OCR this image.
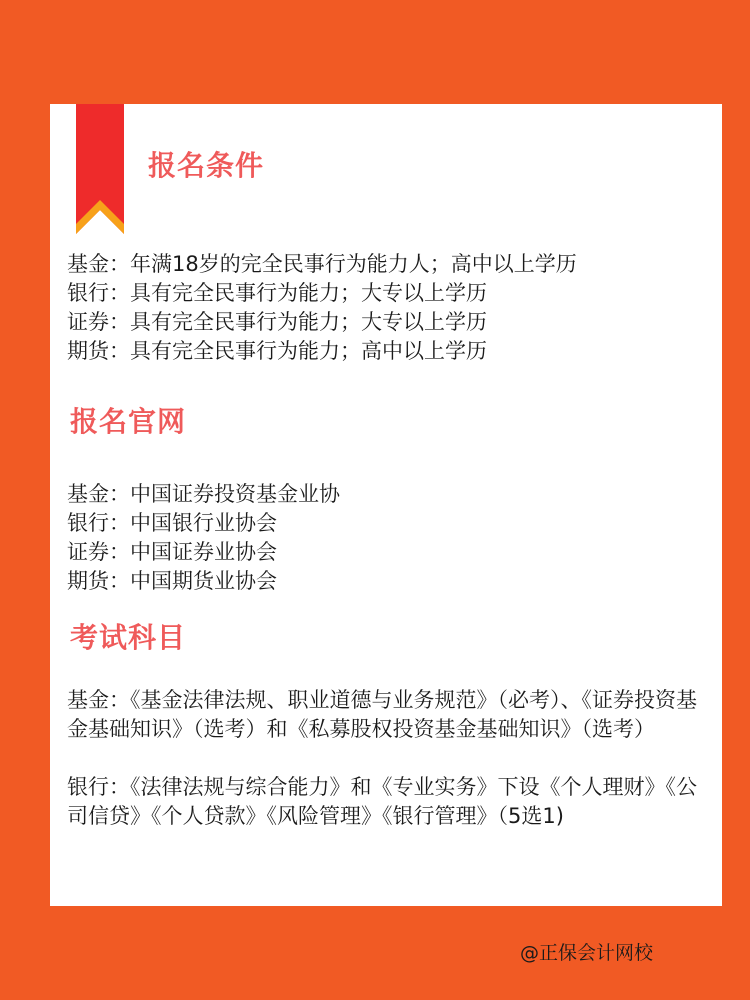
报名条件
基金：年满18岁的完全民事行为能力人；高中以上学历
银行：具有完全民事行为能力；大专以上学历
证券：具有完全民事行为能力；大专以上学历
期货：具有完全民事行为能力；高中以上学历
报名官网
基金：中国证券投资基金业协
银行：中国银行业协会
证券：中国证券业协会
期货：中国期货业协会
考试科目

基金：《基金法律法规、职业道德与业务规范》（必考）、《证券投资基金基础知识》（选考）和《私募股权投资基金基础知识》（选考）

银行：《法律法规与综合能力》和《专业实务》下设《个人理财》《公司信贷》《个人贷款》《风险管理》《银行管理》（5选1)

@正保会计网校
